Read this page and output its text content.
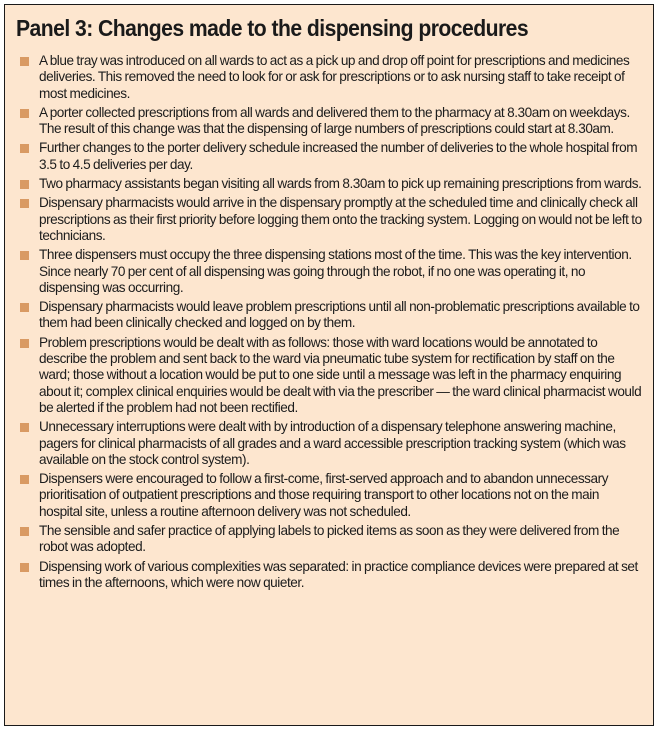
Panel 3: Changes made to the dispensing procedures
A blue tray was introduced on all wards to act as a pick up and drop off point for prescriptions and medicines deliveries. This removed the need to look for or ask for prescriptions or to ask nursing staff to take receipt of most medicines.
A porter collected prescriptions from all wards and delivered them to the pharmacy at 8.30am on weekdays. The result of this change was that the dispensing of large numbers of prescriptions could start at 8.30am.
Further changes to the porter delivery schedule increased the number of deliveries to the whole hospital from 3.5 to 4.5 deliveries per day.
Two pharmacy assistants began visiting all wards from 8.30am to pick up remaining prescriptions from wards.
Dispensary pharmacists would arrive in the dispensary promptly at the scheduled time and clinically check all prescriptions as their first priority before logging them onto the tracking system. Logging on would not be left to technicians.
Three dispensers must occupy the three dispensing stations most of the time. This was the key intervention. Since nearly 70 per cent of all dispensing was going through the robot, if no one was operating it, no dispensing was occurring.
Dispensary pharmacists would leave problem prescriptions until all non-problematic prescriptions available to them had been clinically checked and logged on by them.
Problem prescriptions would be dealt with as follows: those with ward locations would be annotated to describe the problem and sent back to the ward via pneumatic tube system for rectification by staff on the ward; those without a location would be put to one side until a message was left in the pharmacy enquiring about it; complex clinical enquiries would be dealt with via the prescriber — the ward clinical pharmacist would be alerted if the problem had not been rectified.
Unnecessary interruptions were dealt with by introduction of a dispensary telephone answering machine, pagers for clinical pharmacists of all grades and a ward accessible prescription tracking system (which was available on the stock control system).
Dispensers were encouraged to follow a first-come, first-served approach and to abandon unnecessary prioritisation of outpatient prescriptions and those requiring transport to other locations not on the main hospital site, unless a routine afternoon delivery was not scheduled.
The sensible and safer practice of applying labels to picked items as soon as they were delivered from the robot was adopted.
Dispensing work of various complexities was separated: in practice compliance devices were prepared at set times in the afternoons, which were now quieter.
